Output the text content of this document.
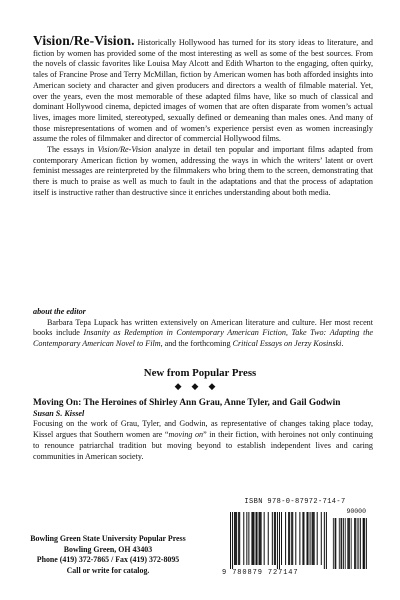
Vision/Re-Vision. Historically Hollywood has turned for its story ideas to literature, and fiction by women has provided some of the most interesting as well as some of the best sources. From the novels of classic favorites like Louisa May Alcott and Edith Wharton to the engaging, often quirky, tales of Francine Prose and Terry McMillan, fiction by American women has both afforded insights into American society and character and given producers and directors a wealth of filmable material. Yet, over the years, even the most memorable of these adapted films have, like so much of classical and dominant Hollywood cinema, depicted images of women that are often disparate from women’s actual lives, images more limited, stereotyped, sexually defined or demeaning than males ones. And many of those misrepresentations of women and of women’s experience persist even as women increasingly assume the roles of filmmaker and director of commercial Hollywood films.

The essays in Vision/Re-Vision analyze in detail ten popular and important films adapted from contemporary American fiction by women, addressing the ways in which the writers’ latent or overt feminist messages are reinterpreted by the filmmakers who bring them to the screen, demonstrating that there is much to praise as well as much to fault in the adaptations and that the process of adaptation itself is instructive rather than destructive since it enriches understanding about both media.

about the editor

Barbara Tepa Lupack has written extensively on American literature and culture. Her most recent books include Insanity as Redemption in Contemporary American Fiction, Take Two: Adapting the Contemporary American Novel to Film, and the forthcoming Critical Essays on Jerzy Kosinski.

New from Popular Press
◆◆◆

Moving On: The Heroines of Shirley Ann Grau, Anne Tyler, and Gail Godwin

Susan S. Kissel

Focusing on the work of Grau, Tyler, and Godwin, as representative of changes taking place today, Kissel argues that Southern women are “moving on” in their fiction, with heroines not only continuing to renounce patriarchal tradition but moving beyond to establish independent lives and caring communities in American society.

Bowling Green State University Popular Press
Bowling Green, OH 43403
Phone (419) 372-7865 / Fax (419) 372-8095
Call or write for catalog.
ISBN 978-0-87972-714-7
90000
9 780879 727147
